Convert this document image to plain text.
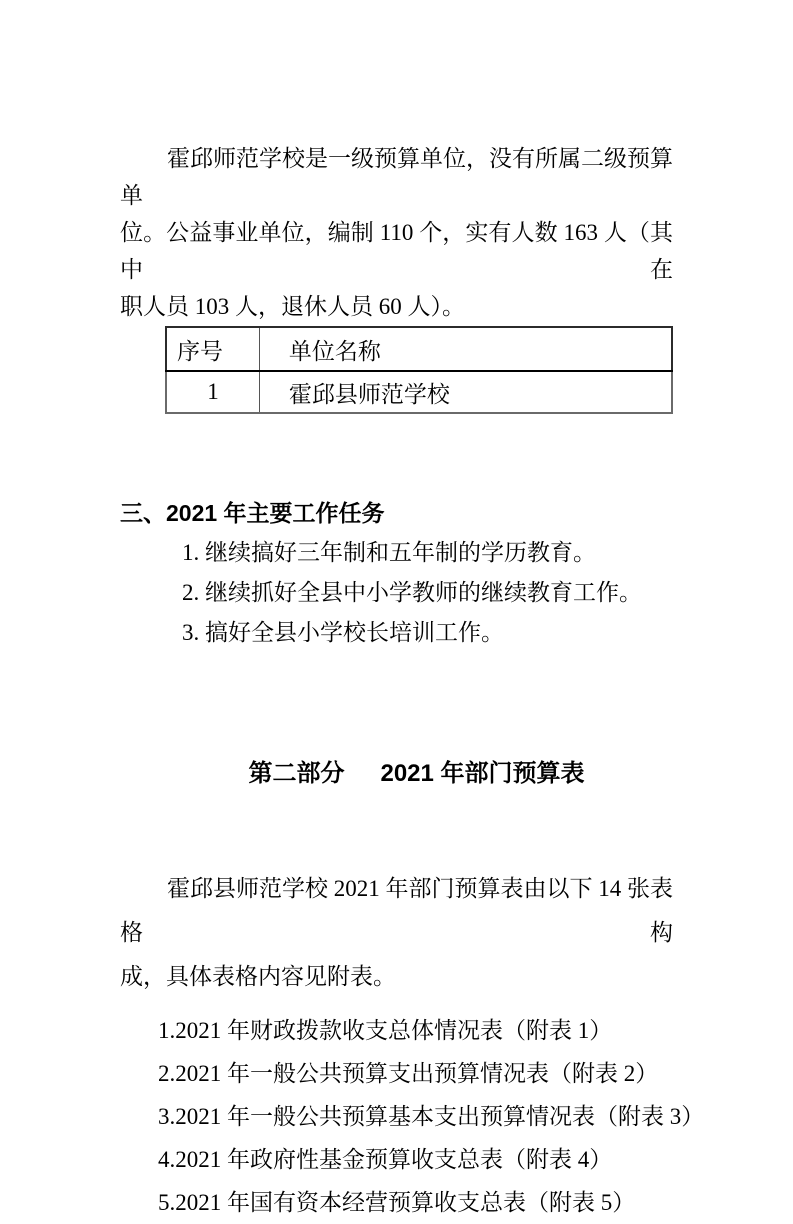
霍邱师范学校是一级预算单位，没有所属二级预算单
位。公益事业单位，编制 110 个，实有人数 163 人（其中在
职人员 103 人，退休人员 60 人）。
序号	单位名称
1	霍邱县师范学校
三、2021 年主要工作任务
1. 继续搞好三年制和五年制的学历教育。
2. 继续抓好全县中小学教师的继续教育工作。
3. 搞好全县小学校长培训工作。

第二部分 2021 年部门预算表

霍邱县师范学校 2021 年部门预算表由以下 14 张表格构
成，具体表格内容见附表。
1.2021 年财政拨款收支总体情况表（附表 1）
2.2021 年一般公共预算支出预算情况表（附表 2）
3.2021 年一般公共预算基本支出预算情况表（附表 3）
4.2021 年政府性基金预算收支总表（附表 4）
5.2021 年国有资本经营预算收支总表（附表 5）
